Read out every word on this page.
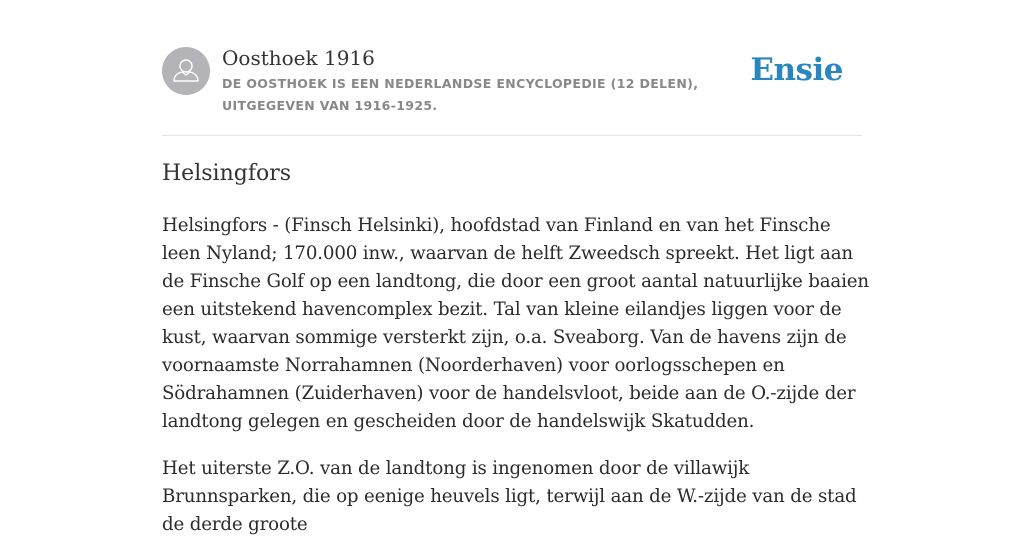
Oosthoek 1916
DE OOSTHOEK IS EEN NEDERLANDSE ENCYCLOPEDIE (12 DELEN), UITGEGEVEN VAN 1916-1925.
Ensie
Helsingfors

Helsingfors - (Finsch Helsinki), hoofdstad van Finland en van het Finsche leen Nyland; 170.000 inw., waarvan de helft Zweedsch spreekt. Het ligt aan de Finsche Golf op een landtong, die door een groot aantal natuurlijke baaien een uitstekend havencomplex bezit. Tal van kleine eilandjes liggen voor de kust, waarvan sommige versterkt zijn, o.a. Sveaborg. Van de havens zijn de voornaamste Norrahamnen (Noorderhaven) voor oorlogsschepen en Södrahamnen (Zuiderhaven) voor de handelsvloot, beide aan de O.-zijde der landtong gelegen en gescheiden door de handelswijk Skatudden.

Het uiterste Z.O. van de landtong is ingenomen door de villawijk Brunnsparken, die op eenige heuvels ligt, terwijl aan de W.-zijde van de stad de derde groote
